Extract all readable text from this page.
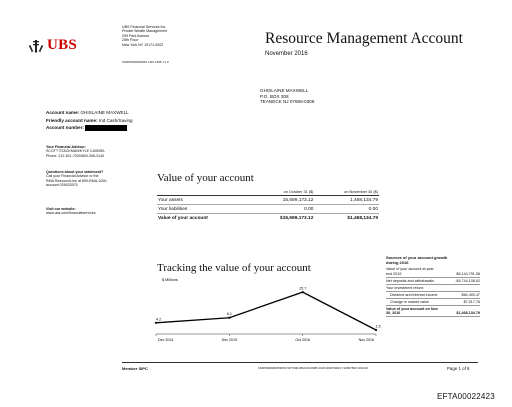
UBS
UBS Financial Services Inc.
Private Wealth Management
299 Park Avenue
25th Floor
New York NY 10171-0002
CMP00000000053 1116 4195 Y1 0
Resource Management Account
November 2016
GHISLAINE MAXWELL
P.O. BOX 308
TEANECK NJ 07666-0308
Account name: GHISLAINE MAXWELL
Friendly account name: Ind Cash/Saving
Account number:
Your Financial Advisor:
SCOTT STACKMAN/KYLE CASBIEL
Phone: 212-821-7000/800-308-3140
Questions about your statement?
Call your Financial Advisor or the
RMA ResourceLine at 800-RMA-1000,
account 029023575
Visit our website:
www.ubs.com/financialservices
Value of your account
	on October 31 ($)	on November 30 ($)
Your assets	15,699,173.12	1,468,134.79
Your liabilities	0.00	0.00
Value of your account	$15,699,173.12	$1,468,134.79
Tracking the value of your account
$ Millions
4.2
Dec 2014
6.1
Dec 2015
15.7
Oct 2016
1.5
Nov 2016
Sources of your account growth
during 2016
Value of your account at year end 2015	$6,144,791.58
Net deposits and withdrawals	-$4,744,108.02
Your investment return:
Dividend and interest income	$60,493.47
Change in market value	$7,017.76
Value of your account on Nov 30, 2016	$1,468,134.79
Member SIPC	CMP0000000053053 NPT00018S219 00005 1116 000070094 Y12007500 101010	Page 1 of 8
EFTA00022423
